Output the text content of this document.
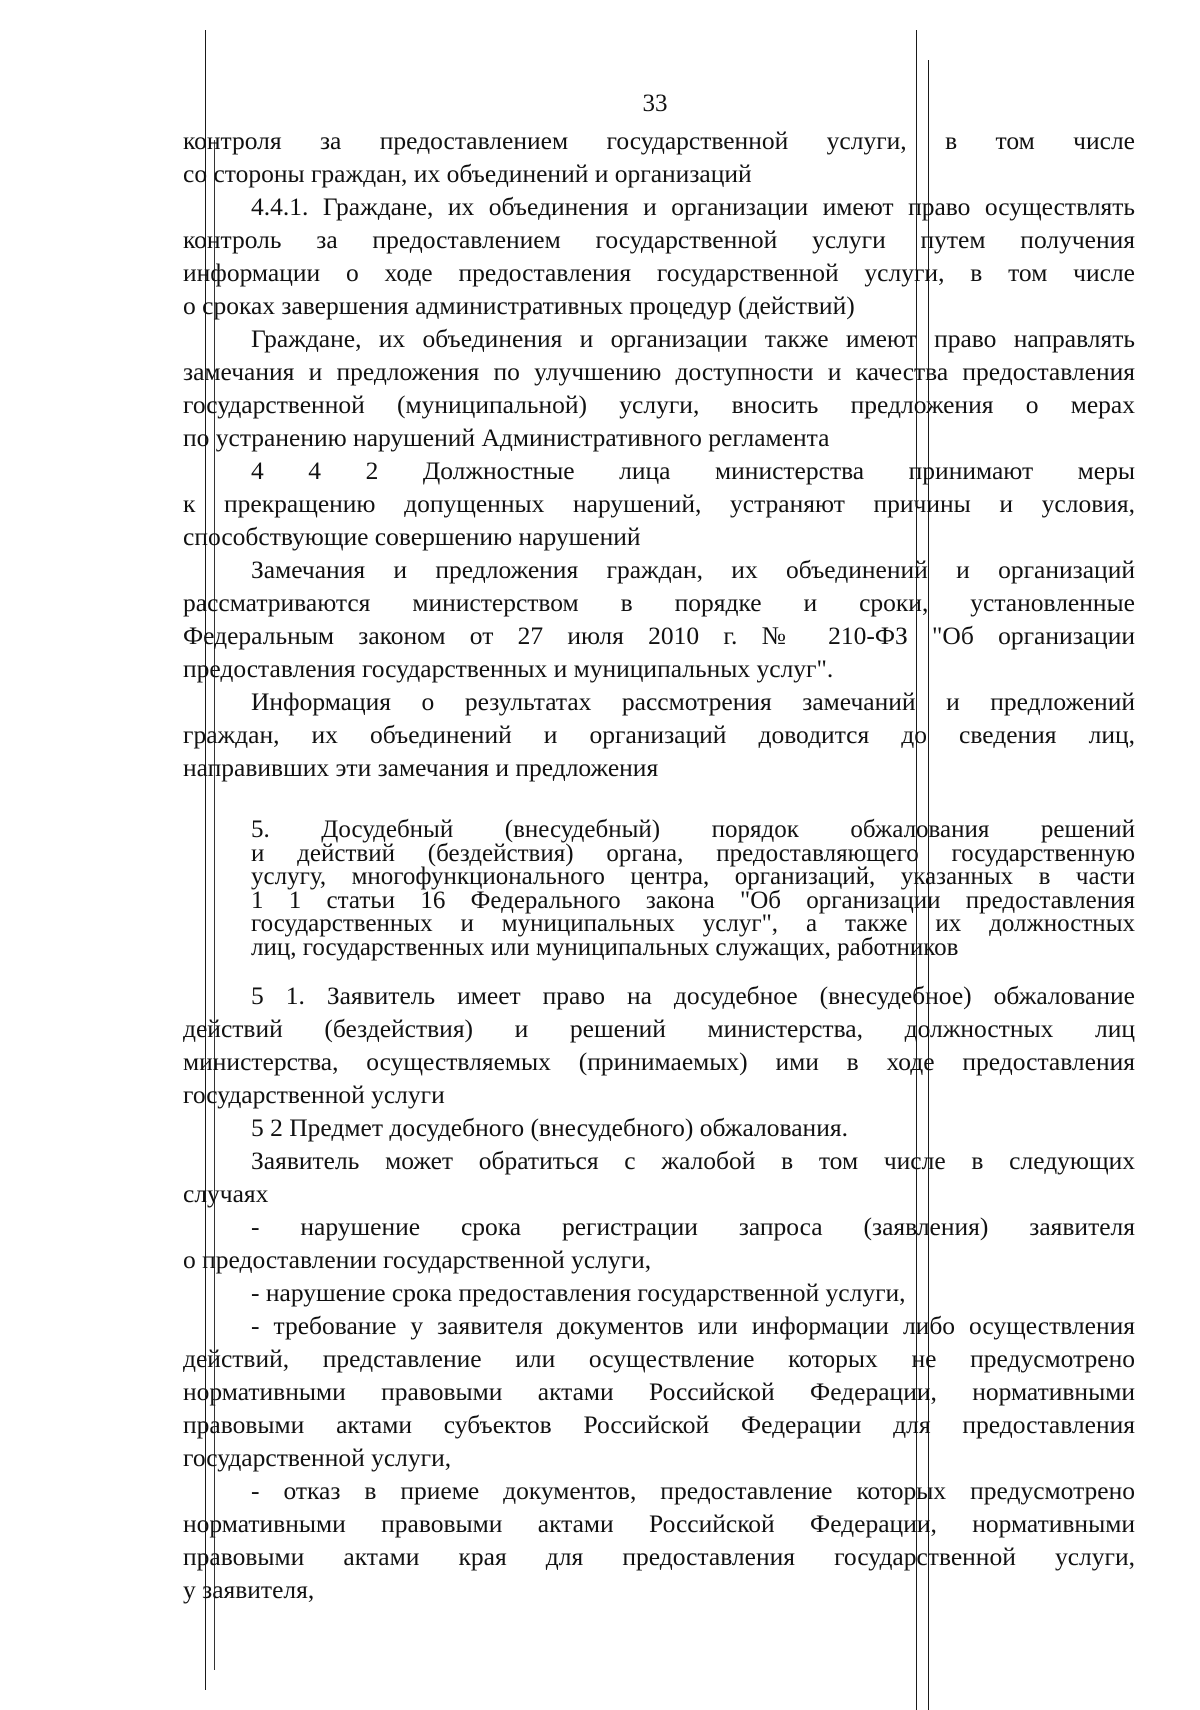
33
контроля за предоставлением государственной услуги, в том числе
со стороны граждан, их объединений и организаций
4.4.1. Граждане, их объединения и организации имеют право осуществлять
контроль за предоставлением государственной услуги путем получения
информации о ходе предоставления государственной услуги, в том числе
о сроках завершения административных процедур (действий)
Граждане, их объединения и организации также имеют право направлять
замечания и предложения по улучшению доступности и качества предоставления
государственной (муниципальной) услуги, вносить предложения о мерах
по устранению нарушений Административного регламента
4 4 2 Должностные лица министерства принимают меры
к прекращению допущенных нарушений, устраняют причины и условия,
способствующие совершению нарушений
Замечания и предложения граждан, их объединений и организаций
рассматриваются министерством в порядке и сроки, установленные
Федеральным законом от 27 июля 2010 г. № 210-ФЗ "Об организации
предоставления государственных и муниципальных услуг".
Информация о результатах рассмотрения замечаний и предложений
граждан, их объединений и организаций доводится до сведения лиц,
направивших эти замечания и предложения
5. Досудебный (внесудебный) порядок обжалования решений
и действий (бездействия) органа, предоставляющего государственную
услугу, многофункционального центра, организаций, указанных в части
1 1 статьи 16 Федерального закона "Об организации предоставления
государственных и муниципальных услуг", а также их должностных
лиц, государственных или муниципальных служащих, работников
5 1. Заявитель имеет право на досудебное (внесудебное) обжалование
действий (бездействия) и решений министерства, должностных лиц
министерства, осуществляемых (принимаемых) ими в ходе предоставления
государственной услуги
5 2 Предмет досудебного (внесудебного) обжалования.
Заявитель может обратиться с жалобой в том числе в следующих
случаях
- нарушение срока регистрации запроса (заявления) заявителя
о предоставлении государственной услуги,
- нарушение срока предоставления государственной услуги,
- требование у заявителя документов или информации либо осуществления
действий, представление или осуществление которых не предусмотрено
нормативными правовыми актами Российской Федерации, нормативными
правовыми актами субъектов Российской Федерации для предоставления
государственной услуги,
- отказ в приеме документов, предоставление которых предусмотрено
нормативными правовыми актами Российской Федерации, нормативными
правовыми актами края для предоставления государственной услуги,
у заявителя,
